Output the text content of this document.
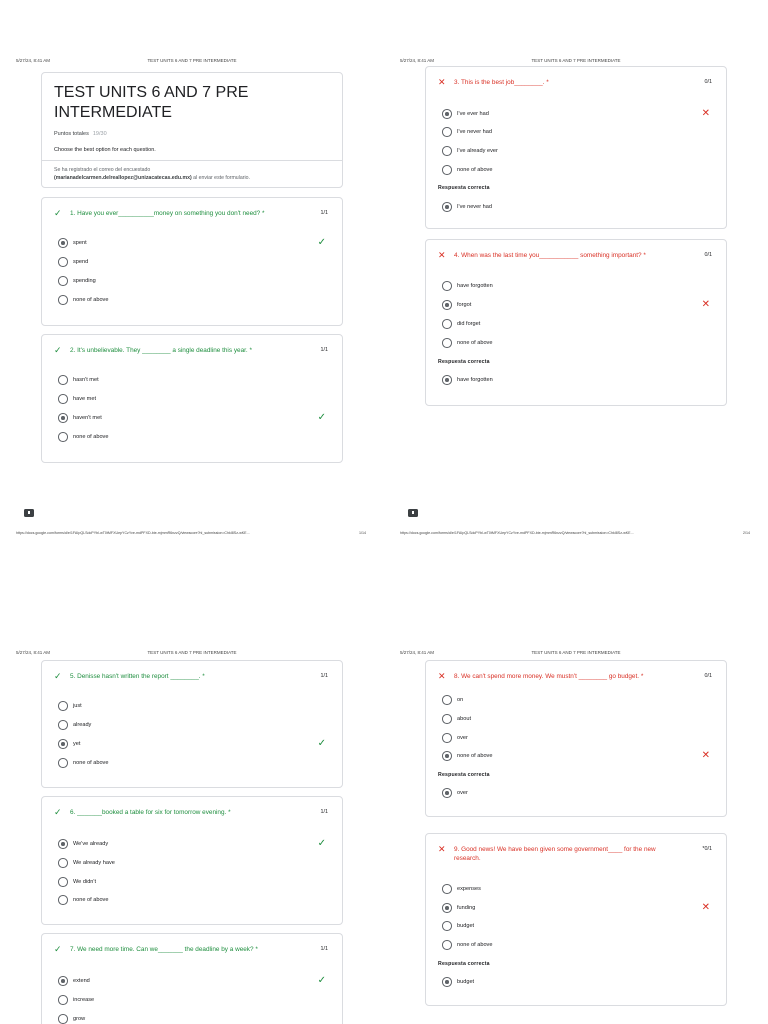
5/27/24, 8:41 AM	TEST UNITS 6 AND 7 PRE INTERMEDIATE
TEST UNITS 6 AND 7 PRE INTERMEDIATE
Puntos totales 19/30
Choose the best option for each question.
Se ha registrado el correo del encuestado
(marianadelcarmen.delreallopez@unizacatecas.edu.mx) al enviar este formulario.
✓	1. Have you ever__________money on something you don't need? *	1/1
spent	✓
spend
spending
none of above
✓	2. It's unbelievable. They ________ a single deadline this year. *	1/1
hasn't met
have met
haven't met	✓
none of above
https://docs.google.com/forms/d/e/1FAIpQLSdcPYbl-wT0tMFXUepYCzYve-mdPFXD-bie-mjmmR6nzzQ/viewscore?hl_submission=ChkI8Sz-wKE...	1/14
5/27/24, 8:41 AM	TEST UNITS 6 AND 7 PRE INTERMEDIATE
✕	3. This is the best job________. *	0/1
I've ever had	✕
I've never had
I've already ever
none of above
Respuesta correcta
I've never had
✕	4. When was the last time you___________ something important? *	0/1
have forgotten
forgot	✕
did forget
none of above
Respuesta correcta
have forgotten
https://docs.google.com/forms/d/e/1FAIpQLSdcPYbl-wT0tMFXUepYCzYve-mdPFXD-bie-mjmmR6nzzQ/viewscore?hl_submission=ChkI8Sz-wKE...	2/14
5/27/24, 8:41 AM	TEST UNITS 6 AND 7 PRE INTERMEDIATE
✓	5. Denisse hasn't written the report ________. *	1/1
just
already
yet	✓
none of above
✓	6. _______booked a table for six for tomorrow evening. *	1/1
We've already	✓
We already have
We didn't
none of above
✓	7. We need more time. Can we_______ the deadline by a week? *	1/1
extend	✓
increase
grow
5/27/24, 8:41 AM	TEST UNITS 6 AND 7 PRE INTERMEDIATE
✕	8. We can't spend more money. We mustn't ________ go budget. *	0/1
on
about
over
none of above	✕
Respuesta correcta
over
✕	9. Good news! We have been given some government____ for the new research.
*0/1
expenses
funding	✕
budget
none of above
Respuesta correcta
budget
